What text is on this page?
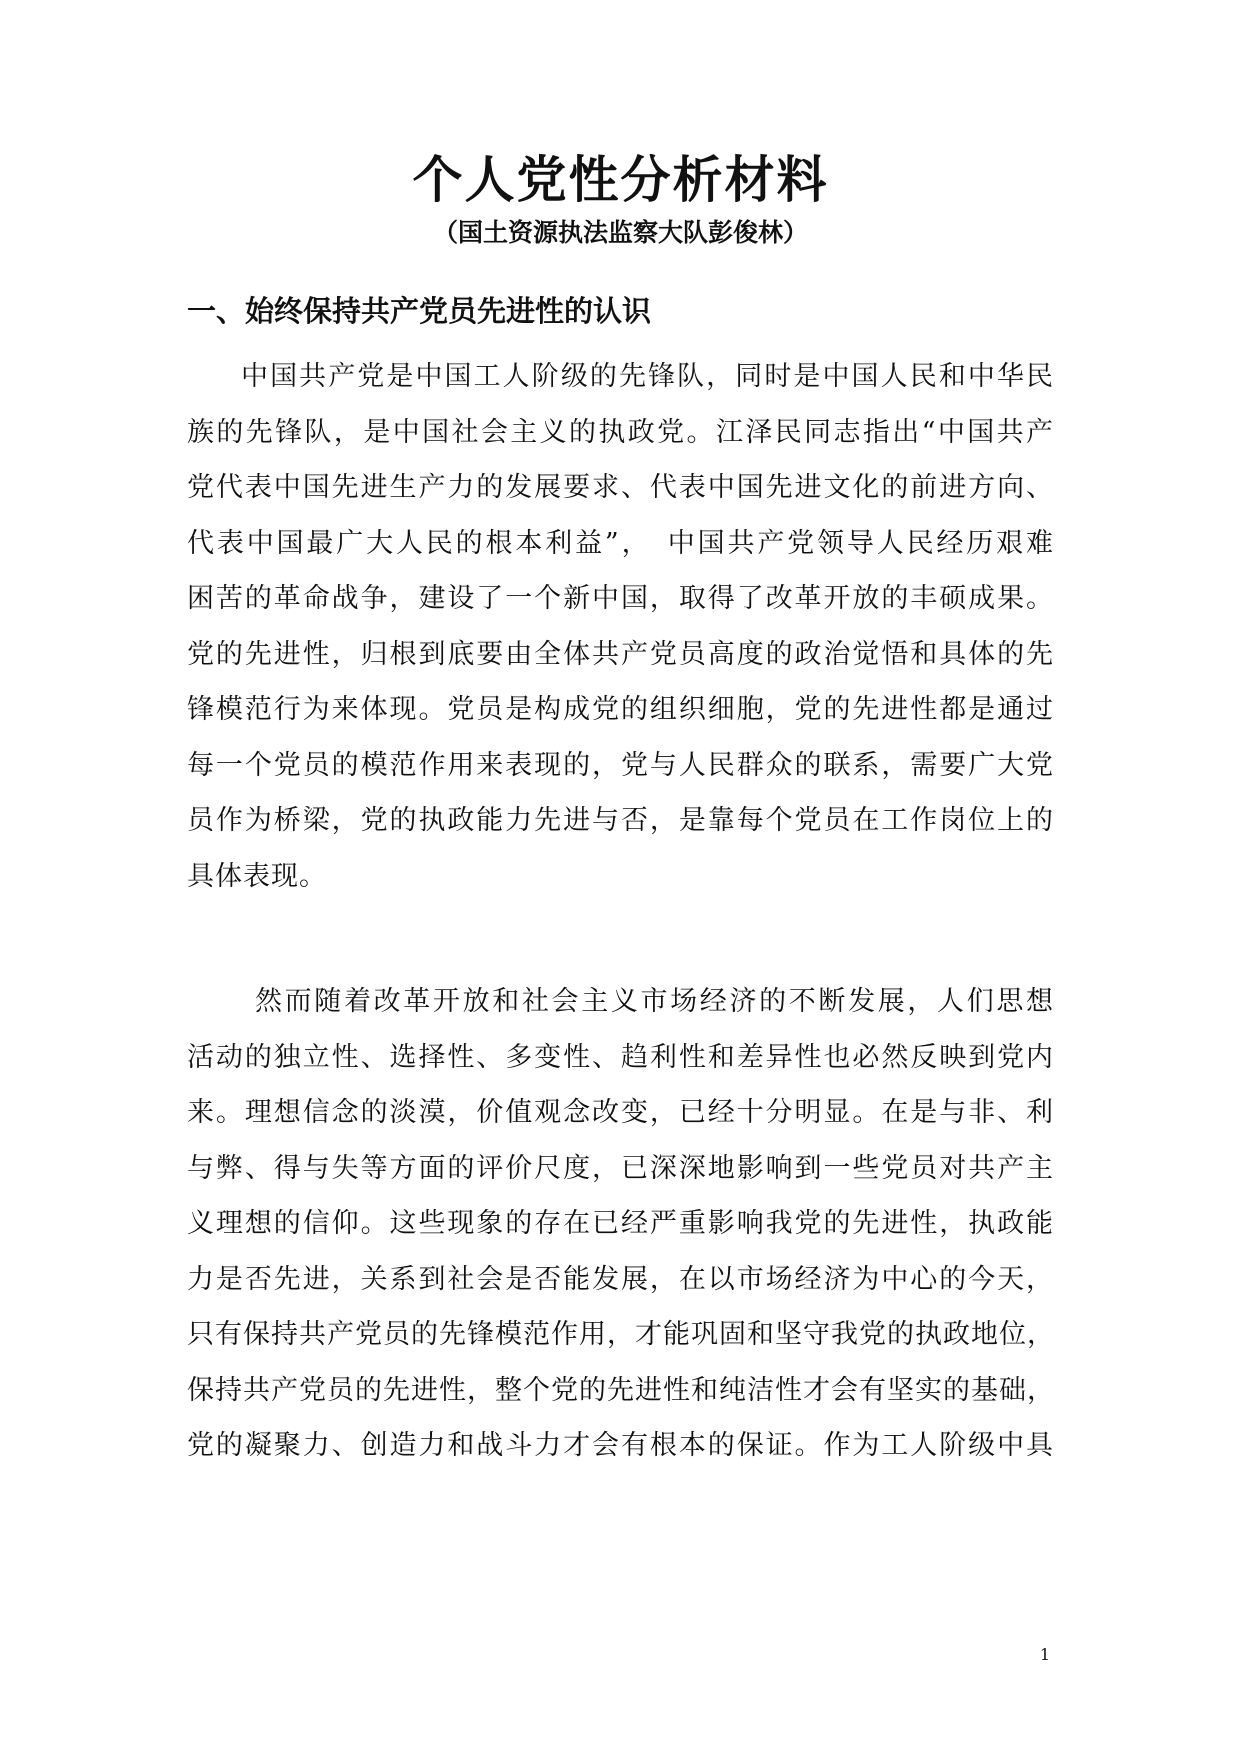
个人党性分析材料

（国土资源执法监察大队彭俊林）

一、始终保持共产党员先进性的认识
中国共产党是中国工人阶级的先锋队，同时是中国人民和中华民
族的先锋队，是中国社会主义的执政党。江泽民同志指出“中国共产
党代表中国先进生产力的发展要求、代表中国先进文化的前进方向、
代表中国最广大人民的根本利益”，　中国共产党领导人民经历艰难
困苦的革命战争，建设了一个新中国，取得了改革开放的丰硕成果。
党的先进性，归根到底要由全体共产党员高度的政治觉悟和具体的先
锋模范行为来体现。党员是构成党的组织细胞，党的先进性都是通过
每一个党员的模范作用来表现的，党与人民群众的联系，需要广大党
员作为桥梁，党的执政能力先进与否，是靠每个党员在工作岗位上的
具体表现。
然而随着改革开放和社会主义市场经济的不断发展，人们思想
活动的独立性、选择性、多变性、趋利性和差异性也必然反映到党内
来。理想信念的淡漠，价值观念改变，已经十分明显。在是与非、利
与弊、得与失等方面的评价尺度，已深深地影响到一些党员对共产主
义理想的信仰。这些现象的存在已经严重影响我党的先进性，执政能
力是否先进，关系到社会是否能发展，在以市场经济为中心的今天，
只有保持共产党员的先锋模范作用，才能巩固和坚守我党的执政地位，
保持共产党员的先进性，整个党的先进性和纯洁性才会有坚实的基础，
党的凝聚力、创造力和战斗力才会有根本的保证。作为工人阶级中具

1
